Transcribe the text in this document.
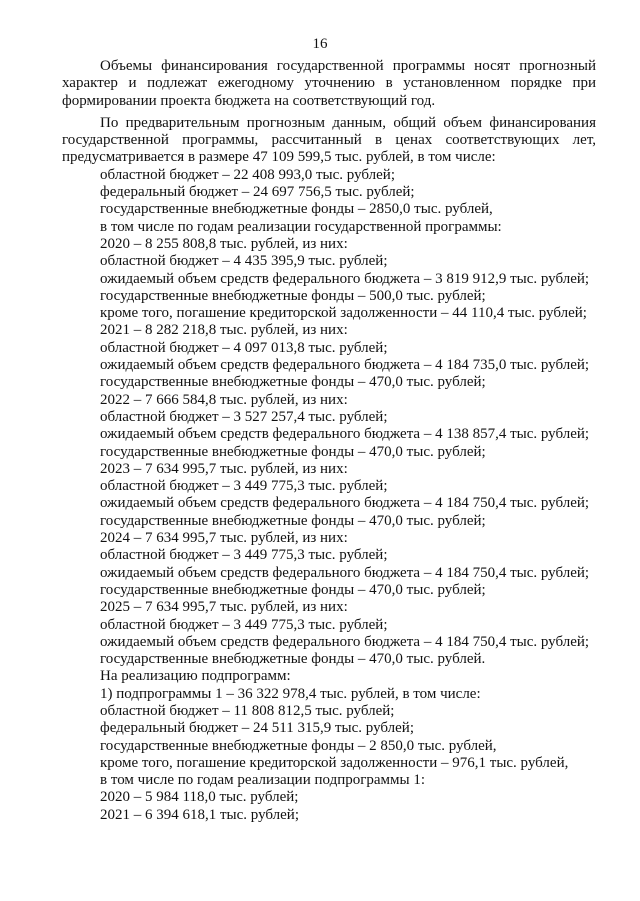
16

Объемы финансирования государственной программы носят прогнозный характер и подлежат ежегодному уточнению в установленном порядке при формировании проекта бюджета на соответствующий год.

По предварительным прогнозным данным, общий объем финансирования государственной программы, рассчитанный в ценах соответствующих лет, предусматривается в размере 47 109 599,5 тыс. рублей, в том числе:

областной бюджет – 22 408 993,0 тыс. рублей;
федеральный бюджет – 24 697 756,5 тыс. рублей;
государственные внебюджетные фонды – 2850,0 тыс. рублей,
в том числе по годам реализации государственной программы:
2020 – 8 255 808,8 тыс. рублей, из них:
областной бюджет – 4 435 395,9 тыс. рублей;
ожидаемый объем средств федерального бюджета – 3 819 912,9 тыс. рублей;
государственные внебюджетные фонды – 500,0 тыс. рублей;
кроме того, погашение кредиторской задолженности – 44 110,4 тыс. рублей;
2021 – 8 282 218,8 тыс. рублей, из них:
областной бюджет – 4 097 013,8 тыс. рублей;
ожидаемый объем средств федерального бюджета – 4 184 735,0 тыс. рублей;
государственные внебюджетные фонды – 470,0 тыс. рублей;
2022 – 7 666 584,8 тыс. рублей, из них:
областной бюджет – 3 527 257,4 тыс. рублей;
ожидаемый объем средств федерального бюджета – 4 138 857,4 тыс. рублей;
государственные внебюджетные фонды – 470,0 тыс. рублей;
2023 – 7 634 995,7 тыс. рублей, из них:
областной бюджет – 3 449 775,3 тыс. рублей;
ожидаемый объем средств федерального бюджета – 4 184 750,4 тыс. рублей;
государственные внебюджетные фонды – 470,0 тыс. рублей;
2024 – 7 634 995,7 тыс. рублей, из них:
областной бюджет – 3 449 775,3 тыс. рублей;
ожидаемый объем средств федерального бюджета – 4 184 750,4 тыс. рублей;
государственные внебюджетные фонды – 470,0 тыс. рублей;
2025 – 7 634 995,7 тыс. рублей, из них:
областной бюджет – 3 449 775,3 тыс. рублей;
ожидаемый объем средств федерального бюджета – 4 184 750,4 тыс. рублей;
государственные внебюджетные фонды – 470,0 тыс. рублей.
На реализацию подпрограмм:
1) подпрограммы 1 – 36 322 978,4 тыс. рублей, в том числе:
областной бюджет – 11 808 812,5 тыс. рублей;
федеральный бюджет – 24 511 315,9 тыс. рублей;
государственные внебюджетные фонды – 2 850,0 тыс. рублей,
кроме того, погашение кредиторской задолженности – 976,1 тыс. рублей,
в том числе по годам реализации подпрограммы 1:
2020 – 5 984 118,0 тыс. рублей;
2021 – 6 394 618,1 тыс. рублей;
